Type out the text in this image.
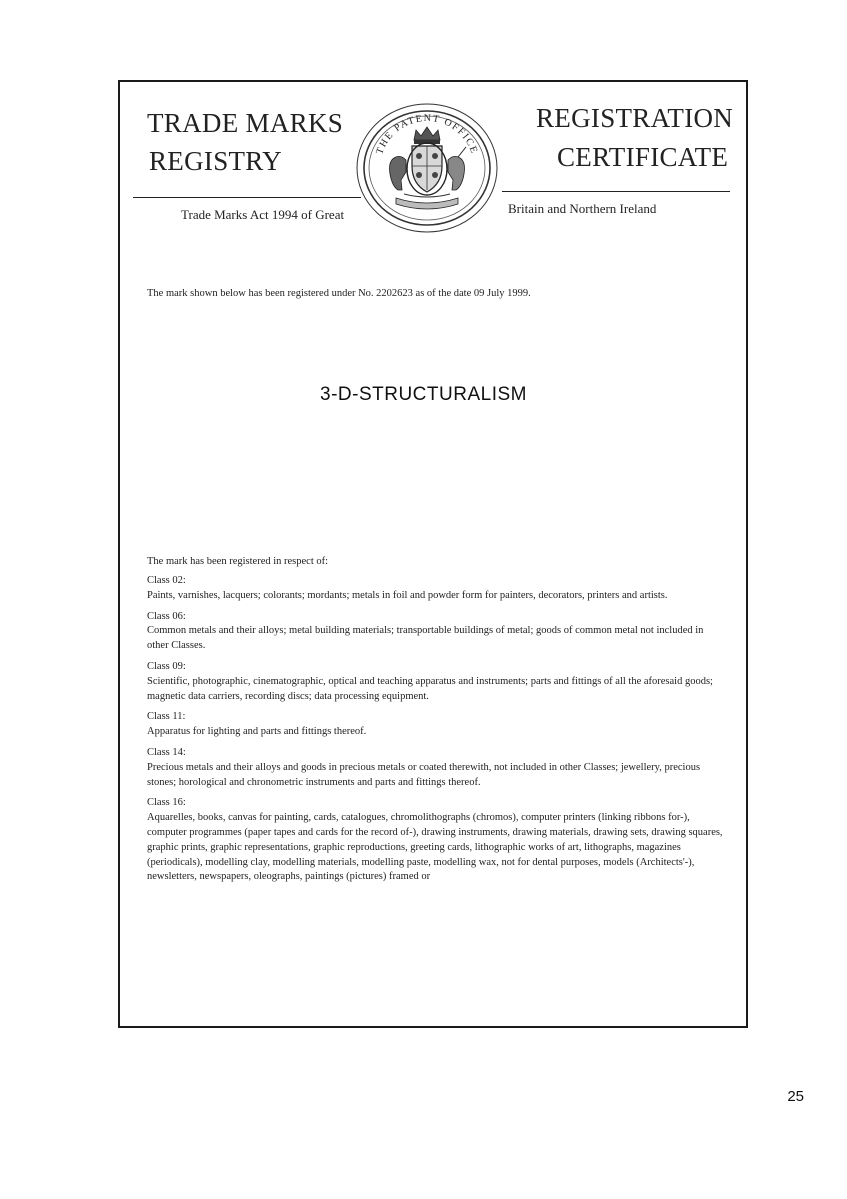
TRADE MARKS
REGISTRY
REGISTRATION
CERTIFICATE
Trade Marks Act 1994 of Great	Britain and Northern Ireland
THE PATENT OFFICE
The mark shown below has been registered under No. 2202623 as of the date 09 July 1999.
3-D-STRUCTURALISM
The mark has been registered in respect of:
Class 02:
Paints, varnishes, lacquers; colorants; mordants; metals in foil and powder form for painters, decorators, printers and artists.
Class 06:
Common metals and their alloys; metal building materials; transportable buildings of metal; goods of common metal not included in other Classes.
Class 09:
Scientific, photographic, cinematographic, optical and teaching apparatus and instruments; parts and fittings of all the aforesaid goods; magnetic data carriers, recording discs; data processing equipment.
Class 11:
Apparatus for lighting and parts and fittings thereof.
Class 14:
Precious metals and their alloys and goods in precious metals or coated therewith, not included in other Classes; jewellery, precious stones; horological and chronometric instruments and parts and fittings thereof.
Class 16:
Aquarelles, books, canvas for painting, cards, catalogues, chromolithographs (chromos), computer printers (linking ribbons for-), computer programmes (paper tapes and cards for the record of-), drawing instruments, drawing materials, drawing sets, drawing squares, graphic prints, graphic representations, graphic reproductions, greeting cards, lithographic works of art, lithographs, magazines (periodicals), modelling clay, modelling materials, modelling paste, modelling wax, not for dental purposes, models (Architects'-), newsletters, newspapers, oleographs, paintings (pictures) framed or
25
